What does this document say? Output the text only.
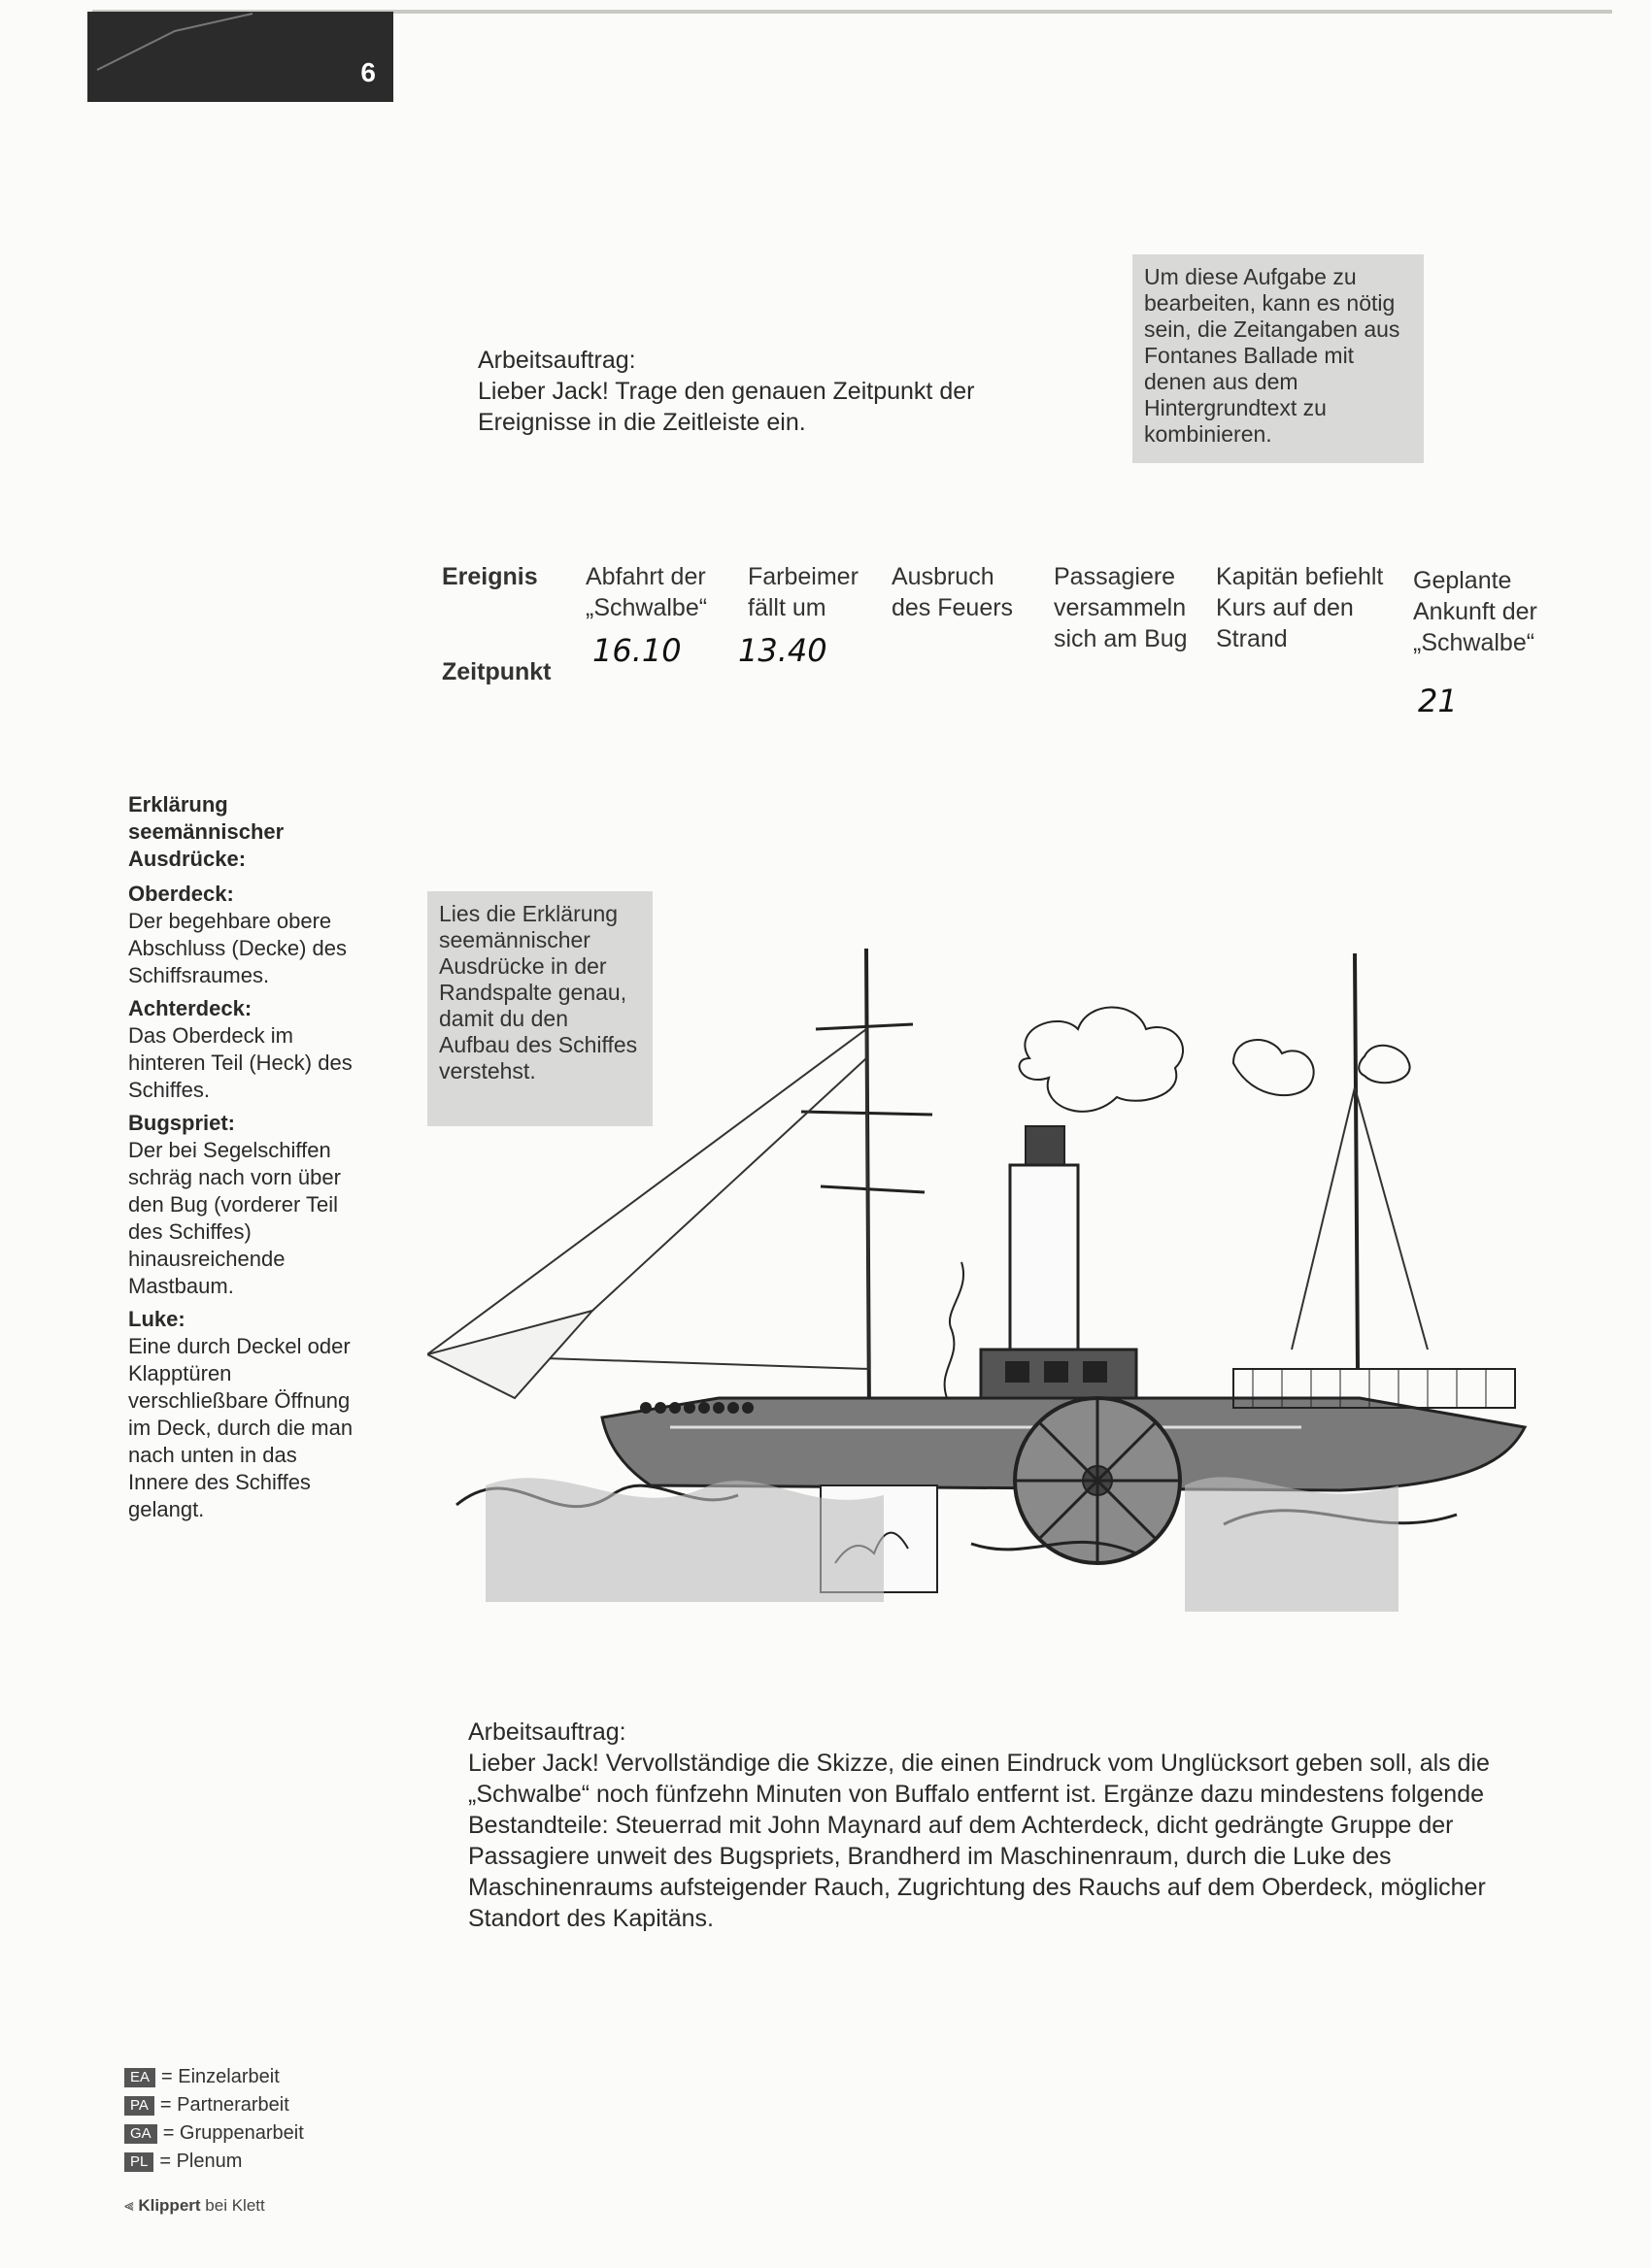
6
Arbeitsauftrag:
Lieber Jack! Trage den genauen Zeitpunkt der Ereignisse in die Zeitleiste ein.
Um diese Aufgabe zu bearbeiten, kann es nötig sein, die Zeitangaben aus Fontanes Ballade mit denen aus dem Hintergrundtext zu kombinieren.
Ereignis
Zeitpunkt
Abfahrt der „Schwalbe“
Farbeimer fällt um
Ausbruch des Feuers
Passagiere versammeln sich am Bug
Kapitän befiehlt Kurs auf den Strand
Geplante Ankunft der „Schwalbe“
16.10 13.40
21
Erklärung seemännischer Ausdrücke:
Oberdeck:
Der begehbare obere Abschluss (Decke) des Schiffsraumes.
Achterdeck:
Das Oberdeck im hinteren Teil (Heck) des Schiffes.
Bugspriet:
Der bei Segelschiffen schräg nach vorn über den Bug (vorderer Teil des Schiffes) hinausreichende Mastbaum.
Luke:
Eine durch Deckel oder Klapptüren verschließbare Öffnung im Deck, durch die man nach unten in das Innere des Schiffes gelangt.
Lies die Erklärung seemännischer Ausdrücke in der Randspalte genau, damit du den Aufbau des Schiffes verstehst.
Arbeitsauftrag:
Lieber Jack! Vervollständige die Skizze, die einen Eindruck vom Unglücksort geben soll, als die „Schwalbe“ noch fünfzehn Minuten von Buffalo entfernt ist. Ergänze dazu mindestens folgende Bestandteile: Steuerrad mit John Maynard auf dem Achterdeck, dicht gedrängte Gruppe der Passagiere unweit des Bugspriets, Brandherd im Maschinenraum, durch die Luke des Maschinenraums aufsteigender Rauch, Zugrichtung des Rauchs auf dem Oberdeck, möglicher Standort des Kapitäns.
EA = Einzelarbeit
PA = Partnerarbeit
GA = Gruppenarbeit
PL = Plenum
⫷ Klippert bei Klett
